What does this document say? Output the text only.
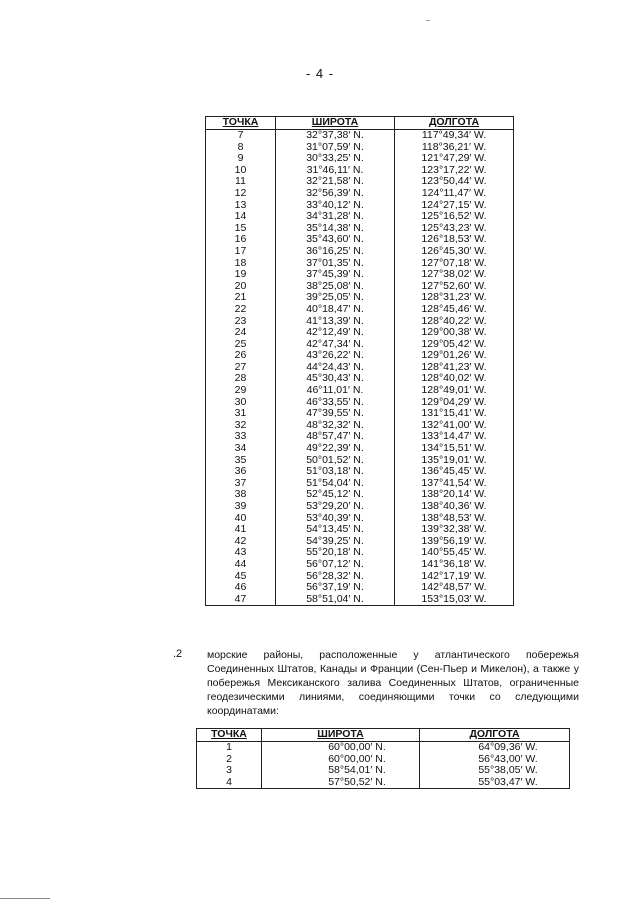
- 4 -
ТОЧКА	ШИРОТА	ДОЛГОТА
7	32°37,38′ N.	117°49,34′ W.
8	31°07,59′ N.	118°36,21′ W.
9	30°33,25′ N.	121°47,29′ W.
10	31°46,11′ N.	123°17,22′ W.
11	32°21,58′ N.	123°50,44′ W.
12	32°56,39′ N.	124°11,47′ W.
13	33°40,12′ N.	124°27,15′ W.
14	34°31,28′ N.	125°16,52′ W.
15	35°14,38′ N.	125°43,23′ W.
16	35°43,60′ N.	126°18,53′ W.
17	36°16,25′ N.	126°45,30′ W.
18	37°01,35′ N.	127°07,18′ W.
19	37°45,39′ N.	127°38,02′ W.
20	38°25,08′ N.	127°52,60′ W.
21	39°25,05′ N.	128°31,23′ W.
22	40°18,47′ N.	128°45,46′ W.
23	41°13,39′ N.	128°40,22′ W.
24	42°12,49′ N.	129°00,38′ W.
25	42°47,34′ N.	129°05,42′ W.
26	43°26,22′ N.	129°01,26′ W.
27	44°24,43′ N.	128°41,23′ W.
28	45°30,43′ N.	128°40,02′ W.
29	46°11,01′ N.	128°49,01′ W.
30	46°33,55′ N.	129°04,29′ W.
31	47°39,55′ N.	131°15,41′ W.
32	48°32,32′ N.	132°41,00′ W.
33	48°57,47′ N.	133°14,47′ W.
34	49°22,39′ N.	134°15,51′ W.
35	50°01,52′ N.	135°19,01′ W.
36	51°03,18′ N.	136°45,45′ W.
37	51°54,04′ N.	137°41,54′ W.
38	52°45,12′ N.	138°20,14′ W.
39	53°29,20′ N.	138°40,36′ W.
40	53°40,39′ N.	138°48,53′ W.
41	54°13,45′ N.	139°32,38′ W.
42	54°39,25′ N.	139°56,19′ W.
43	55°20,18′ N.	140°55,45′ W.
44	56°07,12′ N.	141°36,18′ W.
45	56°28,32′ N.	142°17,19′ W.
46	56°37,19′ N.	142°48,57′ W.
47	58°51,04′ N.	153°15,03′ W.
.2 морские районы, расположенные у атлантического побережья Соединенных Штатов, Канады и Франции (Сен-Пьер и Микелон), а также у побережья Мексиканского залива Соединенных Штатов, ограниченные геодезическими линиями, соединяющими точки со следующими координатами:
ТОЧКА	ШИРОТА	ДОЛГОТА
1	60°00,00′ N.	64°09,36′ W.
2	60°00,00′ N.	56°43,00′ W.
3	58°54,01′ N.	55°38,05′ W.
4	57°50,52′ N.	55°03,47′ W.
